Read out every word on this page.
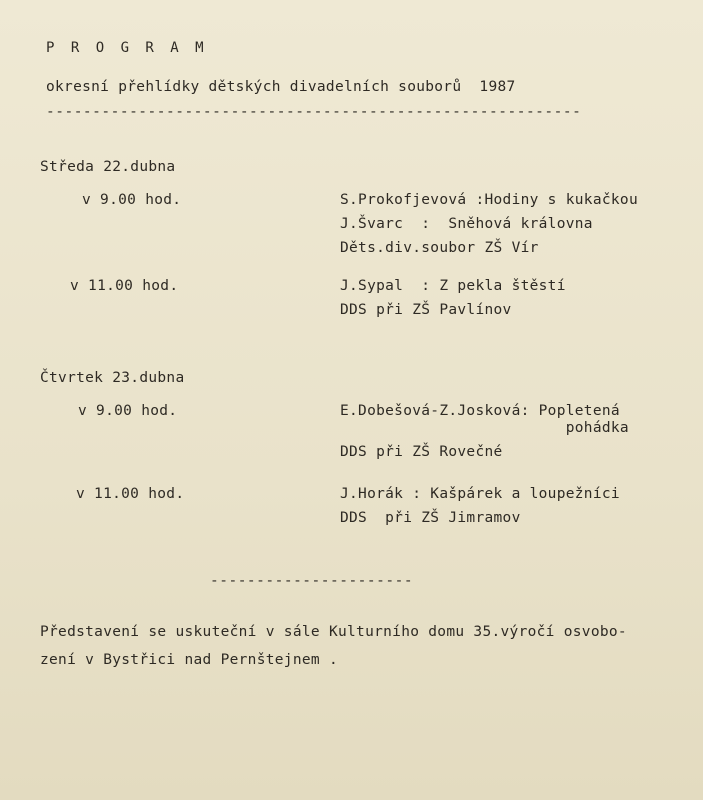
P R O G R A M
okresní přehlídky dětských divadelních souborů  1987
----------------------------------------------------------
Středa 22.dubna
v 9.00 hod.	S.Prokofjevová :Hodiny s kukačkou
J.Švarc  :  Sněhová královna
Děts.div.soubor ZŠ Vír
v 11.00 hod.	J.Sypal  : Z pekla štěstí
DDS při ZŠ Pavlínov
Čtvrtek 23.dubna
v 9.00 hod.	E.Dobešová-Z.Josková: Popletená
pohádka
DDS při ZŠ Rovečné
v 11.00 hod.	J.Horák : Kašpárek a loupežníci
DDS  při ZŠ Jimramov
----------------------
Představení se uskuteční v sále Kulturního domu 35.výročí osvobo-
zení v Bystřici nad Pernštejnem .
